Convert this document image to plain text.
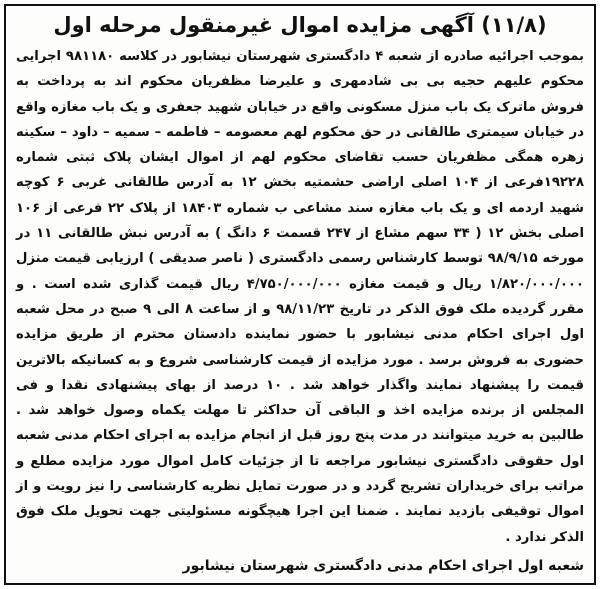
(۱۱/۸) آگهی مزایده اموال غیرمنقول مرحله اول

بموجب اجرائیه صادره از شعبه ۴ دادگستری شهرستان نیشابور در کلاسه ۹۸۱۱۸۰ اجرایی محکوم علیهم حجیه بی بی شادمهری و علیرضا مظفریان محکوم اند به پرداخت به فروش ماترک یک باب منزل مسکونی واقع در خیابان شهید جعفری و یک باب مغازه واقع در خیابان سیمتری طالقانی در حق محکوم لهم معصومه – فاطمه – سمیه – داود – سکینه زهره همگی مظفریان حسب تقاضای محکوم لهم از اموال ایشان پلاک ثبتی شماره ۱۹۲۲۸فرعی از ۱۰۴ اصلی اراضی حشمتیه بخش ۱۲ به آدرس طالقانی غربی ۶ کوچه شهید اردمه ای و یک باب مغازه سند مشاعی ب شماره ۱۸۴۰۳ از پلاک ۲۲ فرعی از ۱۰۶ اصلی بخش ۱۲ ( ۳۴ سهم مشاع از ۲۴۷ قسمت ۶ دانگ ) به آدرس نبش طالقانی ۱۱ در مورخه ۹۸/۹/۱۵ توسط کارشناس رسمی دادگستری ( ناصر صدیقی ) ارزیابی قیمت منزل ۱/۸۲۰/۰۰۰/۰۰۰ ریال و قیمت مغازه ۴/۷۵۰/۰۰۰/۰۰۰ ریال قیمت گذاری شده است . و مقرر گردیده ملک فوق الذکر در تاریخ ۹۸/۱۱/۲۳ و از ساعت ۸ الی ۹ صبح در محل شعبه اول اجرای احکام مدنی نیشابور با حضور نماینده دادستان محترم از طریق مزایده حضوری به فروش برسد . مورد مزایده از قیمت کارشناسی شروع و به کسانیکه بالاترین قیمت را پیشنهاد نمایند واگذار خواهد شد . ۱۰ درصد از بهای پیشنهادی نقدا و فی المجلس از برنده مزایده اخذ و الباقی آن حداکثر تا مهلت یکماه وصول خواهد شد . طالبین به خرید میتوانند در مدت پنج روز قبل از انجام مزایده به اجرای احکام مدنی شعبه اول حقوقی دادگستری نیشابور مراجعه تا از جزئیات کامل اموال مورد مزایده مطلع و مراتب برای خریداران تشریح گردد و در صورت تمایل نظریه کارشناسی را نیز رویت و از اموال توقیفی بازدید نمایند . ضمنا این اجرا هیچگونه مسئولیتی جهت تحویل ملک فوق الذکر ندارد .

شعبه اول اجرای احکام مدنی دادگستری شهرستان نیشابور
